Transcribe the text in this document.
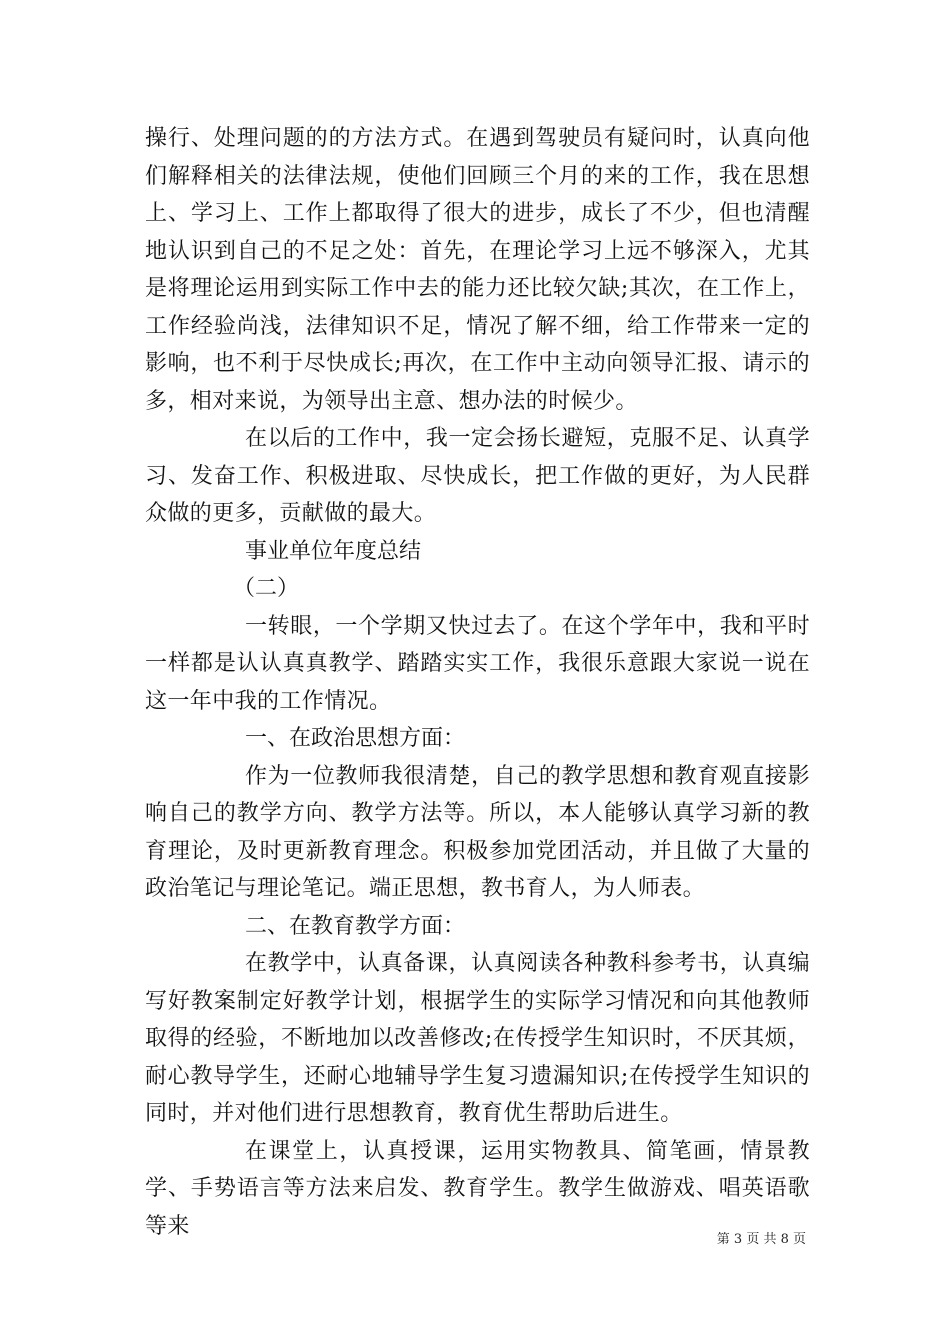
操行、处理问题的的方法方式。在遇到驾驶员有疑问时，认真向他们解释相关的法律法规，使他们回顾三个月的来的工作，我在思想上、学习上、工作上都取得了很大的进步，成长了不少，但也清醒地认识到自己的不足之处：首先，在理论学习上远不够深入，尤其是将理论运用到实际工作中去的能力还比较欠缺;其次，在工作上，工作经验尚浅，法律知识不足，情况了解不细，给工作带来一定的影响，也不利于尽快成长;再次，在工作中主动向领导汇报、请示的多，相对来说，为领导出主意、想办法的时候少。

在以后的工作中，我一定会扬长避短，克服不足、认真学习、发奋工作、积极进取、尽快成长，把工作做的更好，为人民群众做的更多，贡献做的最大。

事业单位年度总结

（二）

一转眼，一个学期又快过去了。在这个学年中，我和平时一样都是认认真真教学、踏踏实实工作，我很乐意跟大家说一说在这一年中我的工作情况。

一、在政治思想方面：

作为一位教师我很清楚，自己的教学思想和教育观直接影响自己的教学方向、教学方法等。所以，本人能够认真学习新的教育理论，及时更新教育理念。积极参加党团活动，并且做了大量的政治笔记与理论笔记。端正思想，教书育人，为人师表。

二、在教育教学方面：

在教学中，认真备课，认真阅读各种教科参考书，认真编写好教案制定好教学计划，根据学生的实际学习情况和向其他教师取得的经验，不断地加以改善修改;在传授学生知识时，不厌其烦，耐心教导学生，还耐心地辅导学生复习遗漏知识;在传授学生知识的同时，并对他们进行思想教育，教育优生帮助后进生。

在课堂上，认真授课，运用实物教具、简笔画，情景教学、手势语言等方法来启发、教育学生。教学生做游戏、唱英语歌等来

第 3 页 共 8 页
